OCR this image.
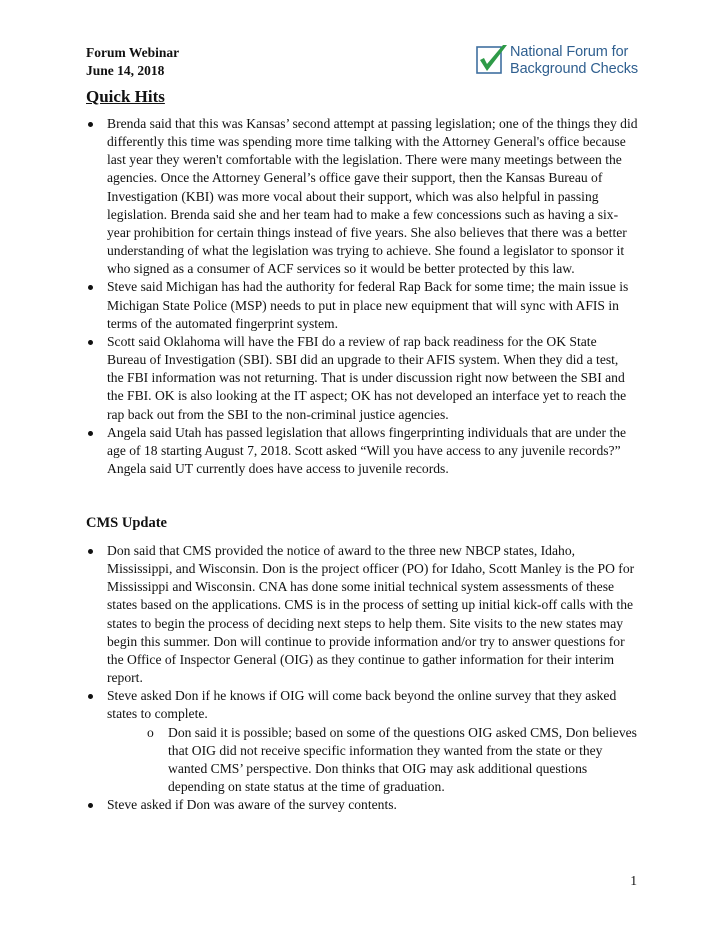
Forum Webinar
June 14, 2018
National Forum for
Background Checks
Quick Hits
Brenda said that this was Kansas’ second attempt at passing legislation; one of the things they did differently this time was spending more time talking with the Attorney General's office because last year they weren't comfortable with the legislation. There were many meetings between the agencies. Once the Attorney General’s office gave their support, then the Kansas Bureau of Investigation (KBI) was more vocal about their support, which was also helpful in passing legislation. Brenda said she and her team had to make a few concessions such as having a six-year prohibition for certain things instead of five years. She also believes that there was a better understanding of what the legislation was trying to achieve. She found a legislator to sponsor it who signed as a consumer of ACF services so it would be better protected by this law.
Steve said Michigan has had the authority for federal Rap Back for some time; the main issue is Michigan State Police (MSP) needs to put in place new equipment that will sync with AFIS in terms of the automated fingerprint system.
Scott said Oklahoma will have the FBI do a review of rap back readiness for the OK State Bureau of Investigation (SBI). SBI did an upgrade to their AFIS system. When they did a test, the FBI information was not returning. That is under discussion right now between the SBI and the FBI. OK is also looking at the IT aspect; OK has not developed an interface yet to reach the rap back out from the SBI to the non-criminal justice agencies.
Angela said Utah has passed legislation that allows fingerprinting individuals that are under the age of 18 starting August 7, 2018. Scott asked “Will you have access to any juvenile records?” Angela said UT currently does have access to juvenile records.
CMS Update
Don said that CMS provided the notice of award to the three new NBCP states, Idaho, Mississippi, and Wisconsin. Don is the project officer (PO) for Idaho, Scott Manley is the PO for Mississippi and Wisconsin. CNA has done some initial technical system assessments of these states based on the applications. CMS is in the process of setting up initial kick-off calls with the states to begin the process of deciding next steps to help them. Site visits to the new states may begin this summer. Don will continue to provide information and/or try to answer questions for the Office of Inspector General (OIG) as they continue to gather information for their interim report.
Steve asked Don if he knows if OIG will come back beyond the online survey that they asked states to complete.
o Don said it is possible; based on some of the questions OIG asked CMS, Don believes that OIG did not receive specific information they wanted from the state or they wanted CMS’ perspective. Don thinks that OIG may ask additional questions depending on state status at the time of graduation.
Steve asked if Don was aware of the survey contents.
1
